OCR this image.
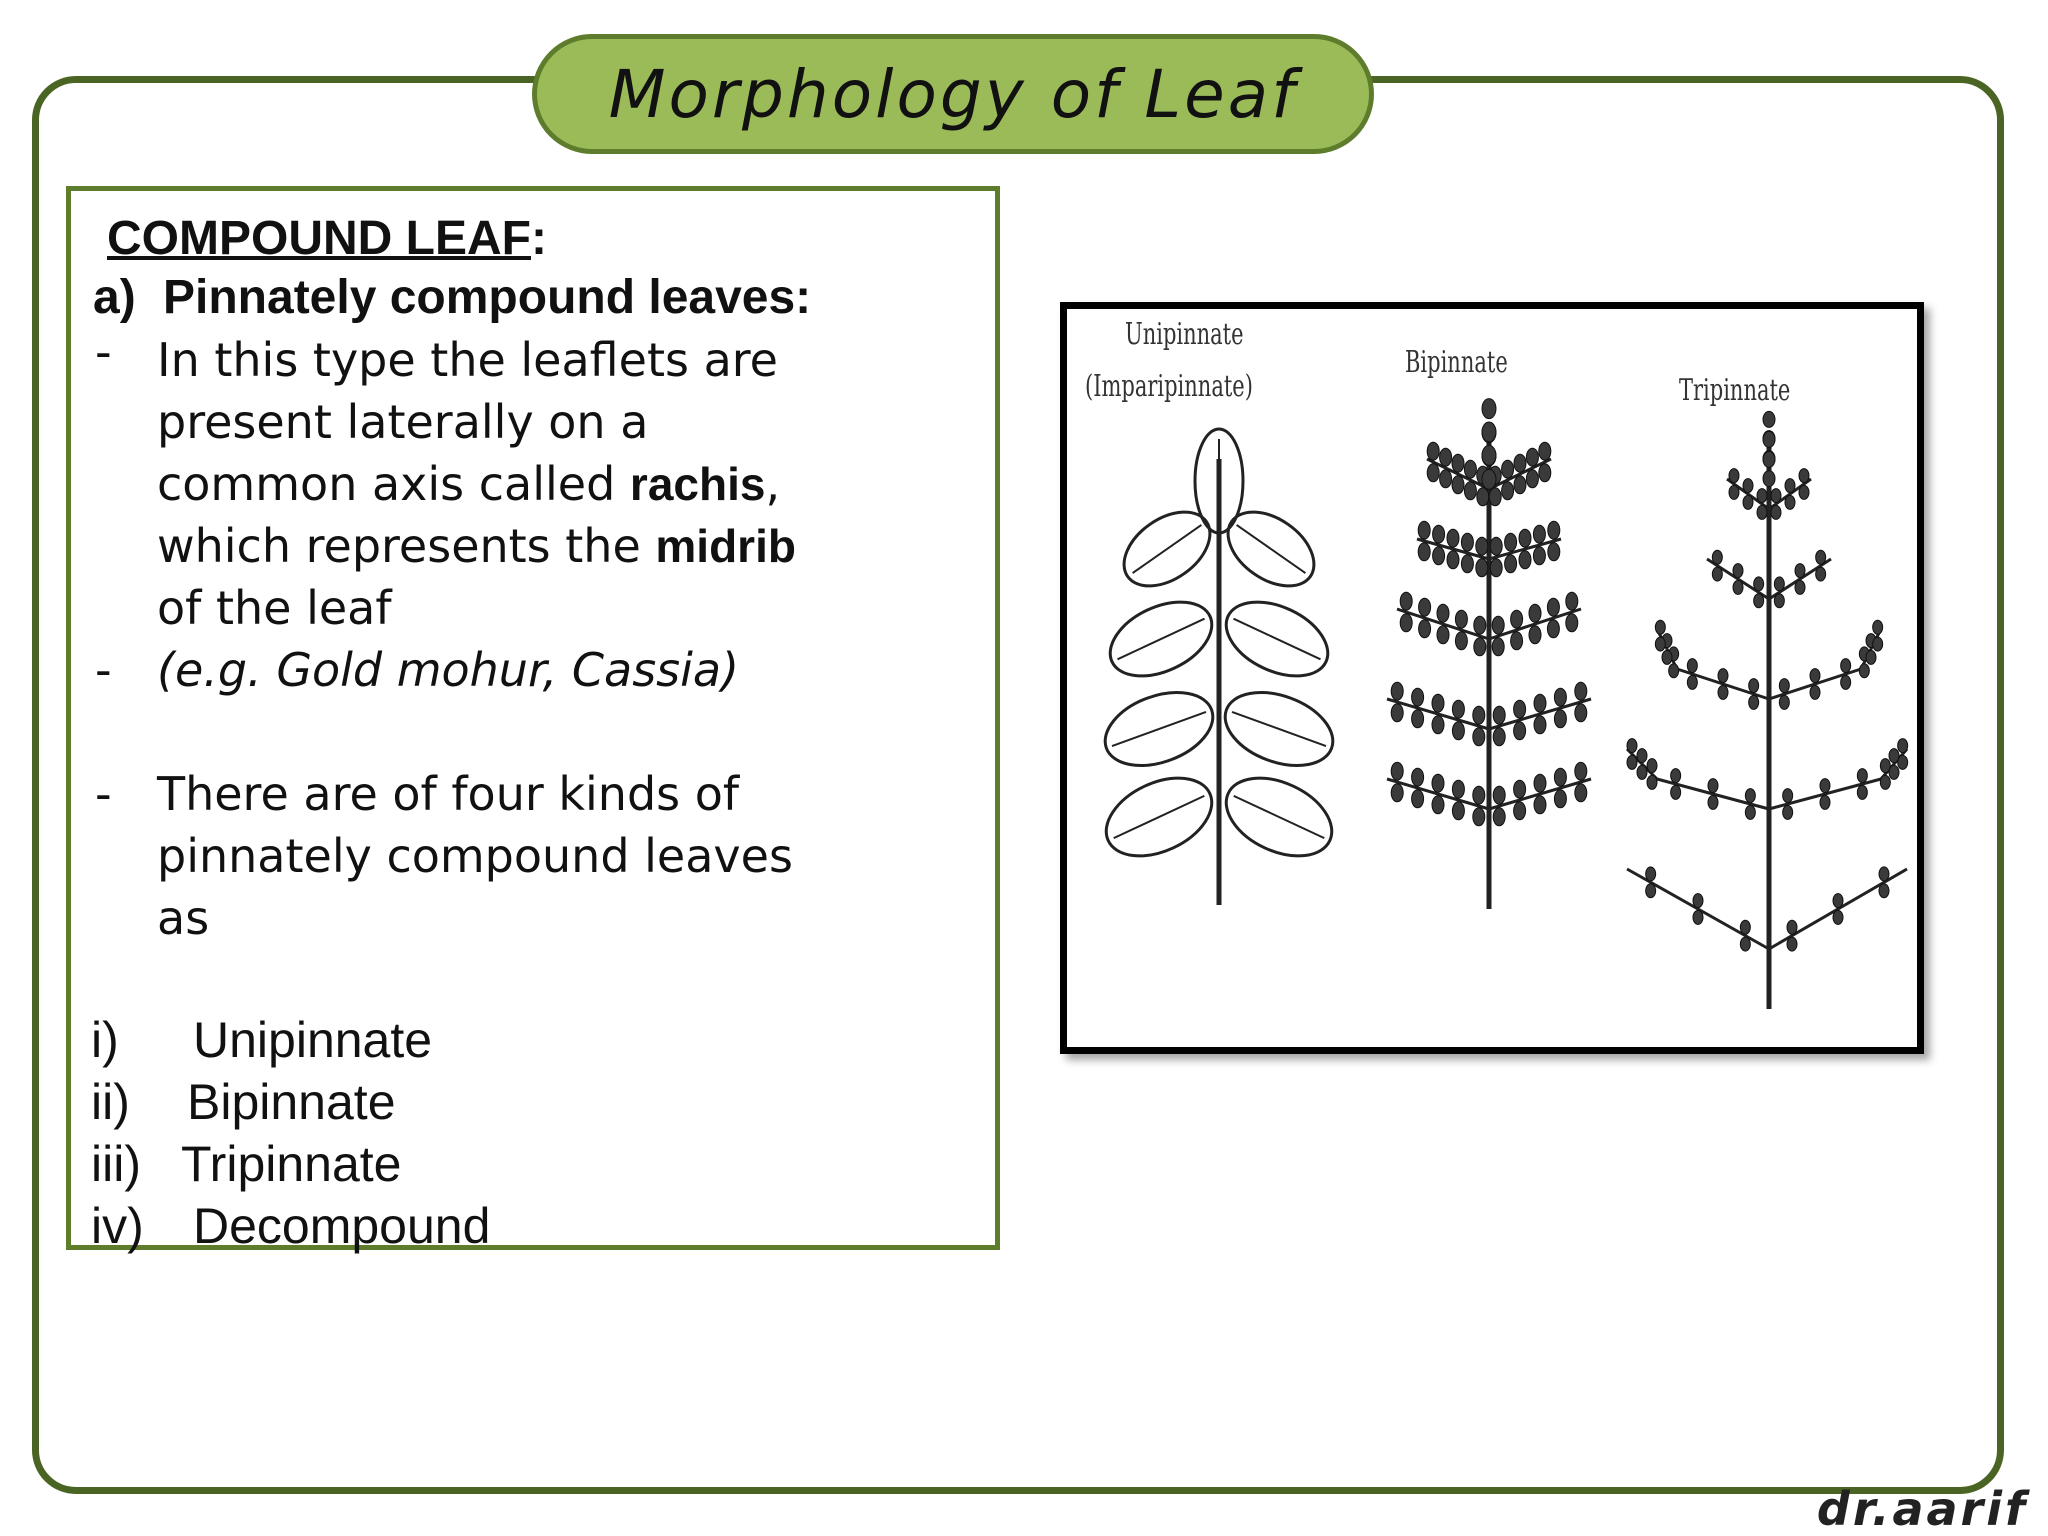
Morphology of Leaf
COMPOUND LEAF:
a) Pinnately compound leaves:
- In this type the leaflets are
present laterally on a
common axis called rachis,
which represents the midrib
of the leaf
- (e.g. Gold mohur, Cassia)
- There are of four kinds of
pinnately compound leaves
as
i) Unipinnate
ii) Bipinnate
iii) Tripinnate
iv) Decompound
Unipinnate
(Imparipinnate)
Bipinnate
Tripinnate
dr.aarif
